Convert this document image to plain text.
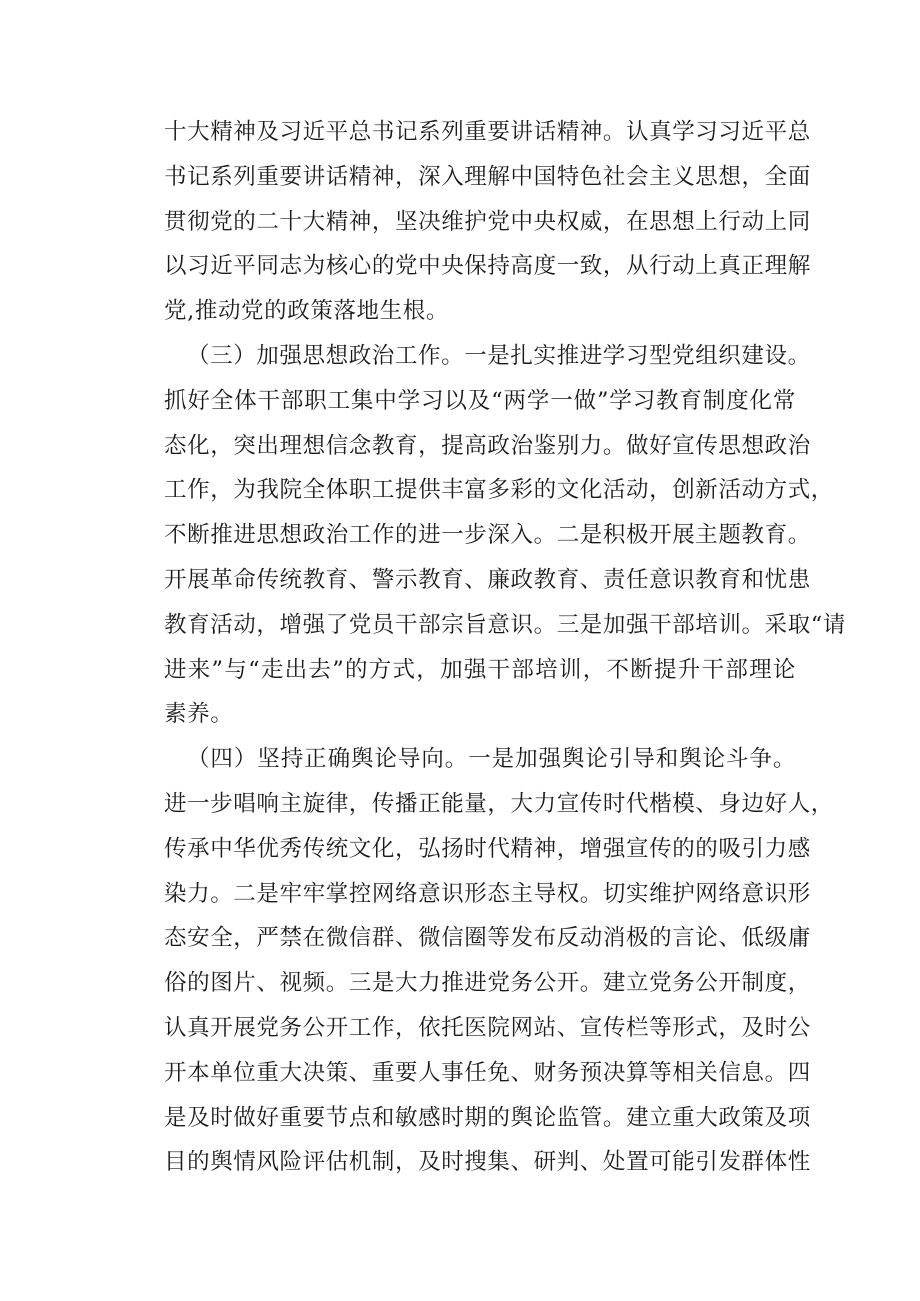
十大精神及习近平总书记系列重要讲话精神。认真学习习近平总
书记系列重要讲话精神，深入理解中国特色社会主义思想，全面
贯彻党的二十大精神，坚决维护党中央权威，在思想上行动上同
以习近平同志为核心的党中央保持高度一致，从行动上真正理解
党,推动党的政策落地生根。
（三）加强思想政治工作。一是扎实推进学习型党组织建设。
抓好全体干部职工集中学习以及“两学一做”学习教育制度化常
态化，突出理想信念教育，提高政治鉴别力。做好宣传思想政治
工作，为我院全体职工提供丰富多彩的文化活动，创新活动方式，
不断推进思想政治工作的进一步深入。二是积极开展主题教育。
开展革命传统教育、警示教育、廉政教育、责任意识教育和忧患
教育活动，增强了党员干部宗旨意识。三是加强干部培训。采取“请
进来”与“走出去”的方式，加强干部培训，不断提升干部理论
素养。
（四）坚持正确舆论导向。一是加强舆论引导和舆论斗争。
进一步唱响主旋律，传播正能量，大力宣传时代楷模、身边好人，
传承中华优秀传统文化，弘扬时代精神，增强宣传的的吸引力感
染力。二是牢牢掌控网络意识形态主导权。切实维护网络意识形
态安全，严禁在微信群、微信圈等发布反动消极的言论、低级庸
俗的图片、视频。三是大力推进党务公开。建立党务公开制度，
认真开展党务公开工作，依托医院网站、宣传栏等形式，及时公
开本单位重大决策、重要人事任免、财务预决算等相关信息。四
是及时做好重要节点和敏感时期的舆论监管。建立重大政策及项
目的舆情风险评估机制，及时搜集、研判、处置可能引发群体性
